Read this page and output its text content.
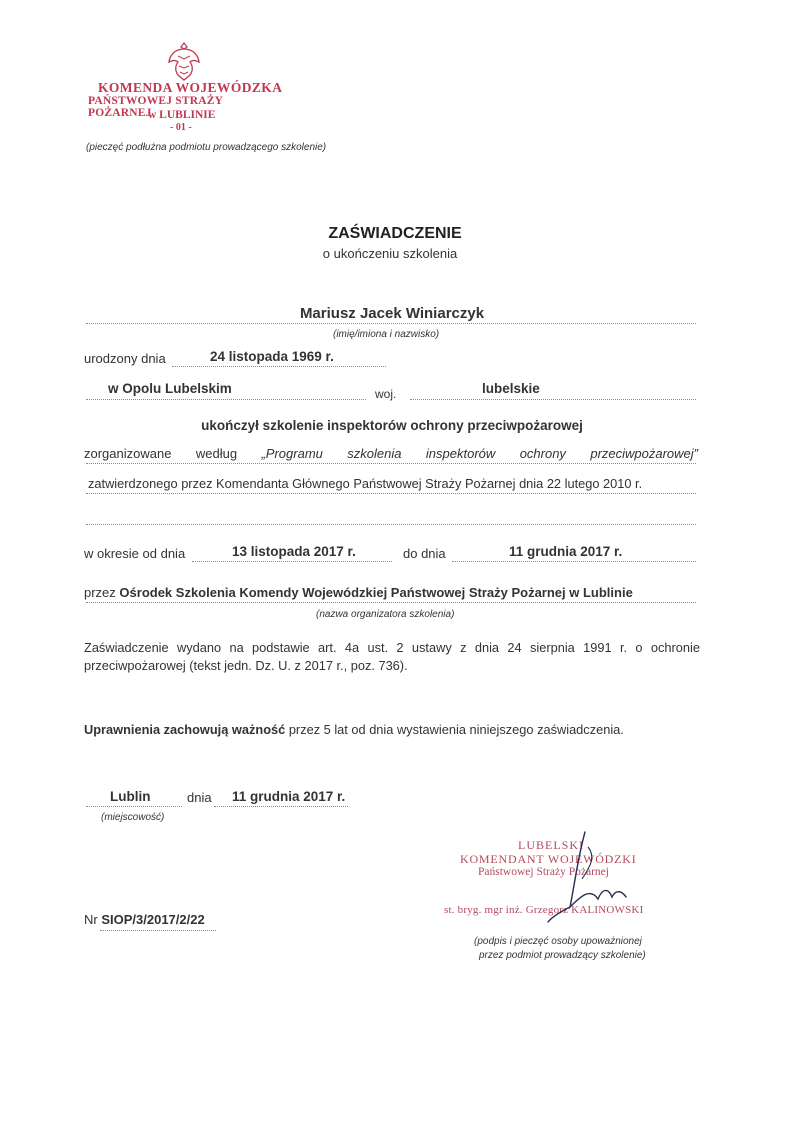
KOMENDA WOJEWÓDZKA
PAŃSTWOWEJ STRAŻY POŻARNEJ
w LUBLINIE
- 01 -
(pieczęć podłużna podmiotu prowadzącego szkolenie)
ZAŚWIADCZENIE
o ukończeniu szkolenia
Mariusz Jacek Winiarczyk
(imię/imiona i nazwisko)
urodzony dnia	24 listopada 1969 r.
w Opolu Lubelskim	woj.	lubelskie
ukończył szkolenie inspektorów ochrony przeciwpożarowej
zorganizowane według „Programu szkolenia inspektorów ochrony przeciwpożarowej”
zatwierdzonego przez Komendanta Głównego Państwowej Straży Pożarnej dnia 22 lutego 2010 r.
w okresie od dnia	13 listopada 2017 r.	do dnia	11 grudnia 2017 r.
przez Ośrodek Szkolenia Komendy Wojewódzkiej Państwowej Straży Pożarnej w Lublinie
(nazwa organizatora szkolenia)
Zaświadczenie wydano na podstawie art. 4a ust. 2 ustawy z dnia 24 sierpnia 1991 r. o ochronie przeciwpożarowej (tekst jedn. Dz. U. z 2017 r., poz. 736).
Uprawnienia zachowują ważność przez 5 lat od dnia wystawienia niniejszego zaświadczenia.
Lublin
(miejscowość)
dnia 11 grudnia 2017 r.
LUBELSKI
KOMENDANT WOJEWÓDZKI
Państwowej Straży Pożarnej
st. bryg. mgr inż. Grzegorz KALINOWSKI
(podpis i pieczęć osoby upoważnionej
przez podmiot prowadzący szkolenie)
Nr SIOP/3/2017/2/22
